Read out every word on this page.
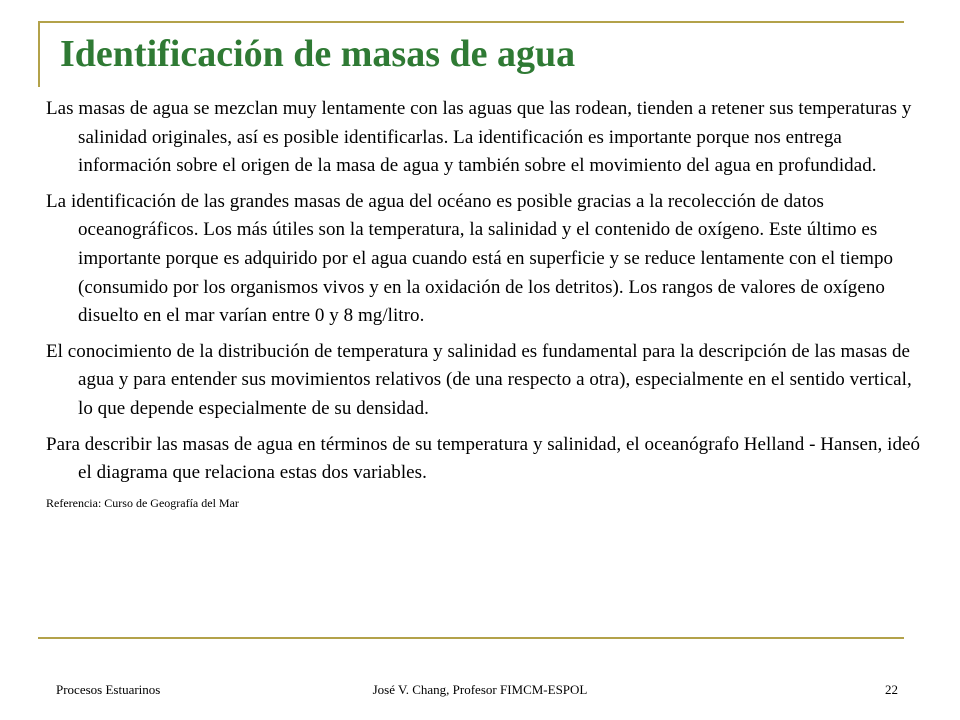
Identificación de masas de agua

Las masas de agua se mezclan muy lentamente con las aguas que las rodean, tienden a retener sus temperaturas y salinidad originales, así es posible identificarlas. La identificación es importante porque nos entrega información sobre el origen de la masa de agua y también sobre el movimiento del agua en profundidad.

La identificación de las grandes masas de agua del océano es posible gracias a la recolección de datos oceanográficos. Los más útiles son la temperatura, la salinidad y el contenido de oxígeno. Este último es importante porque es adquirido por el agua cuando está en superficie y se reduce lentamente con el tiempo (consumido por los organismos vivos y en la oxidación de los detritos). Los rangos de valores de oxígeno disuelto en el mar varían entre 0 y 8 mg/litro.

El conocimiento de la distribución de temperatura y salinidad es fundamental para la descripción de las masas de agua y para entender sus movimientos relativos (de una respecto a otra), especialmente en el sentido vertical, lo que depende especialmente de su densidad.

Para describir las masas de agua en términos de su temperatura y salinidad, el oceanógrafo Helland - Hansen, ideó el diagrama que relaciona estas dos variables.

Referencia: Curso de Geografía del Mar

Procesos Estuarinos	José V. Chang, Profesor FIMCM-ESPOL	22
